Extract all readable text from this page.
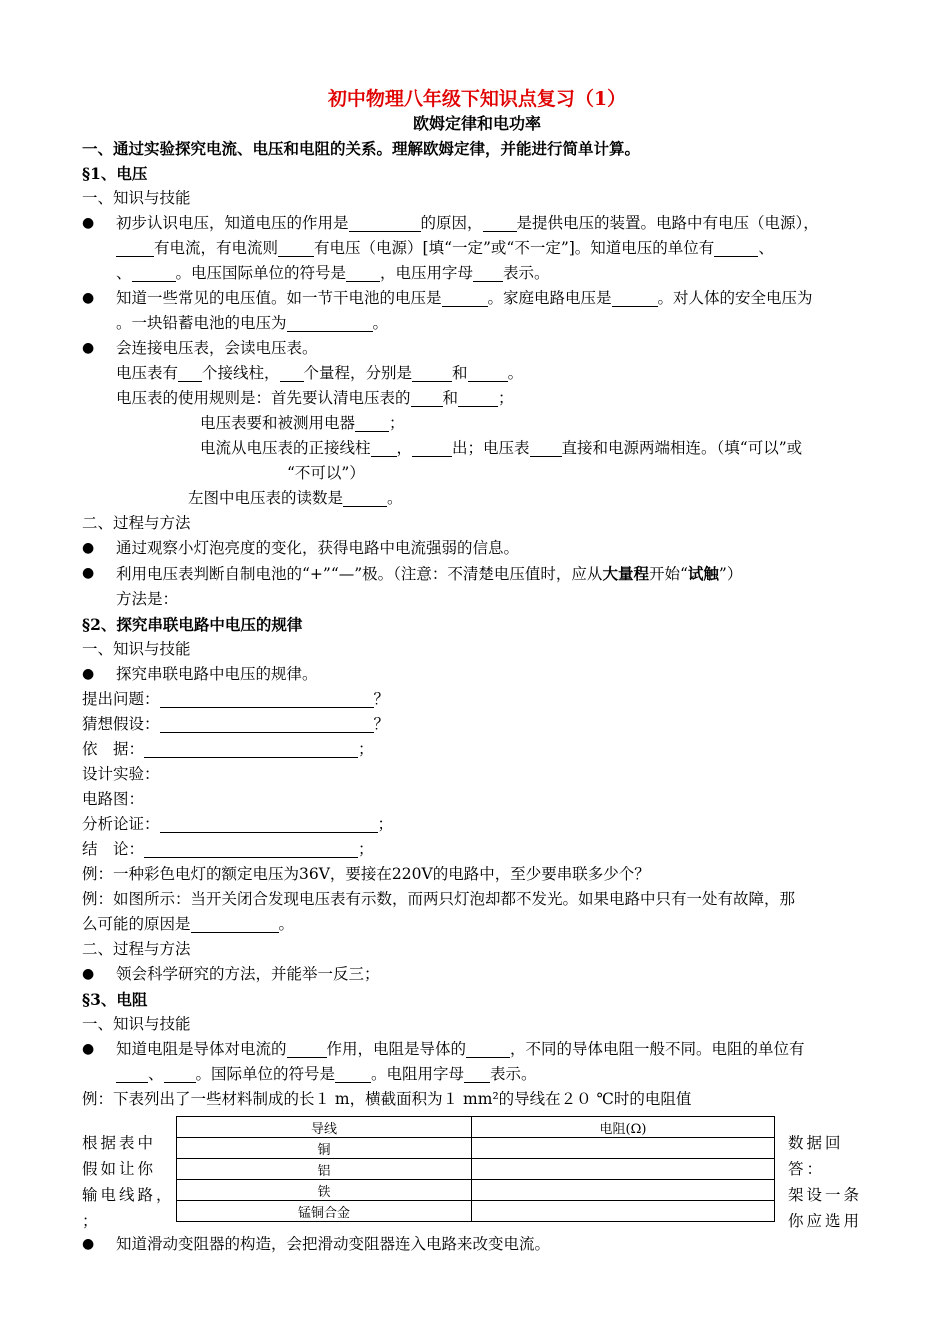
初中物理八年级下知识点复习（1）
欧姆定律和电功率
一、通过实验探究电流、电压和电阻的关系。理解欧姆定律，并能进行简单计算。
§1、电压
一、知识与技能
● 初步认识电压，知道电压的作用是	的原因， 是提供电压的装置。电路中有电压（电源），
有电流，有电流则 有电压（电源）[填“一定”或“不一定”]。知道电压的单位有	、
、	。电压国际单位的符号是 ，电压用字母 表示。
● 知道一些常见的电压值。如一节干电池的电压是	。家庭电路电压是	。对人体的安全电压为
。一块铅蓄电池的电压为	。
● 会连接电压表，会读电压表。
电压表有 个接线柱， 个量程，分别是	和	。
电压表的使用规则是：首先要认清电压表的 和	；
电压表要和被测用电器 ；
电流从电压表的正接线柱 ，	出；电压表 直接和电源两端相连。（填“可以”或
“不可以”）
左图中电压表的读数是	。
二、过程与方法
● 通过观察小灯泡亮度的变化，获得电路中电流强弱的信息。
● 利用电压表判断自制电池的“+”“—”极。（注意：不清楚电压值时，应从大量程开始“试触”）
方法是：
§2、探究串联电路中电压的规律
一、知识与技能
● 探究串联电路中电压的规律。
提出问题：	？
猜想假设：	？
依　据：	；
设计实验：
电路图：
分析论证：	；
结　论：	；
例：一种彩色电灯的额定电压为36V，要接在220V的电路中，至少要串联多少个？
例：如图所示：当开关闭合发现电压表有示数，而两只灯泡却都不发光。如果电路中只有一处有故障，那
么可能的原因是	。
二、过程与方法
● 领会科学研究的方法，并能举一反三；
§3、电阻
一、知识与技能
● 知道电阻是导体对电流的	作用，电阻是导体的	，不同的导体电阻一般不同。电阻的单位有
、 。国际单位的符号是 。电阻用字母 表示。
例：下表列出了一些材料制成的长１ m，横截面积为１ mm²的导线在２０ ℃时的电阻值
根据表中
假如让你
输电线路，
；
导线	电阻(Ω)
铜	
铝	
铁	
锰铜合金	
数据回答：
架设一条
你应选用
● 知道滑动变阻器的构造，会把滑动变阻器连入电路来改变电流。
